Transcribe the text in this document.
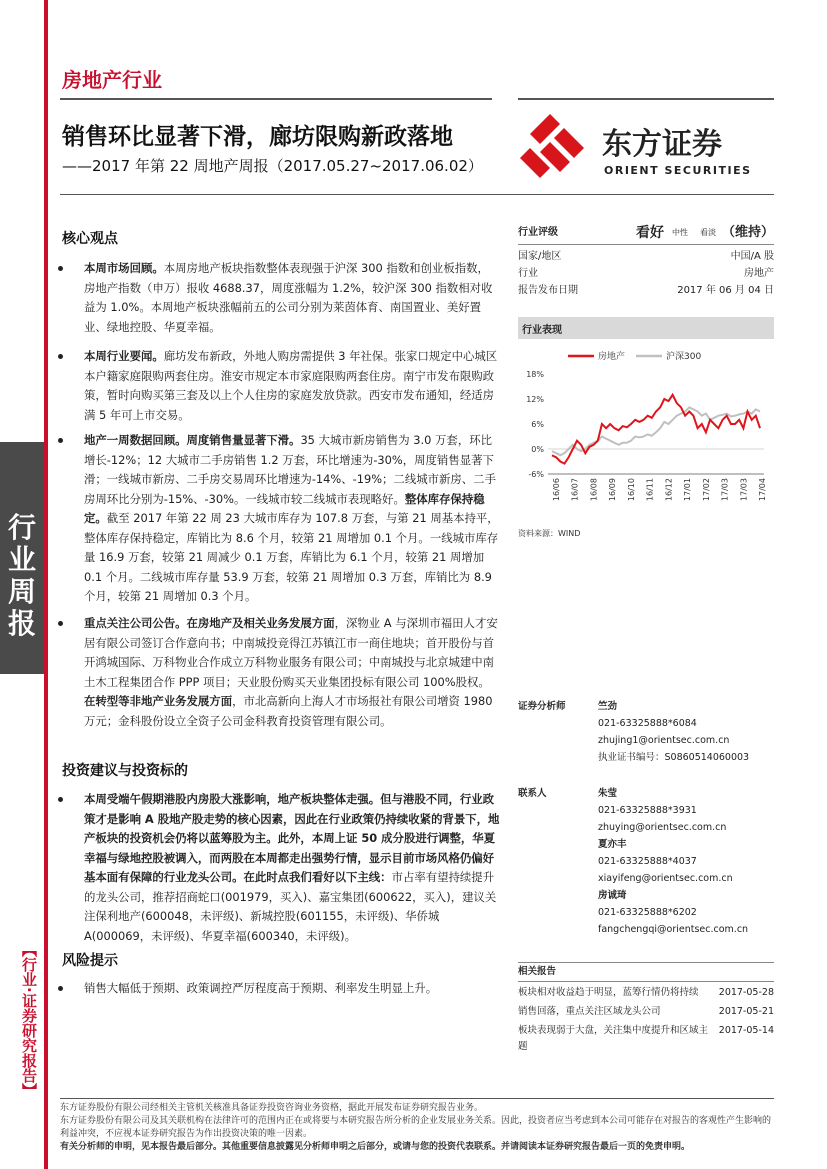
行业周报
【行业·证券研究报告】
房地产行业
销售环比显著下滑，廊坊限购新政落地
——2017 年第 22 周地产周报（2017.05.27~2017.06.02）
东方证券
ORIENT SECURITIES
核心观点
本周市场回顾。本周房地产板块指数整体表现强于沪深 300 指数和创业板指数，房地产指数（申万）报收 4688.37，周度涨幅为 1.2%，较沪深 300 指数相对收益为 1.0%。本周地产板块涨幅前五的公司分别为莱茵体育、南国置业、美好置业、绿地控股、华夏幸福。
本周行业要闻。廊坊发布新政，外地人购房需提供 3 年社保。张家口规定中心城区本户籍家庭限购两套住房。淮安市规定本市家庭限购两套住房。南宁市发布限购政策，暂时向购买第三套及以上个人住房的家庭发放贷款。西安市发布通知，经适房满 5 年可上市交易。
地产一周数据回顾。周度销售量显著下滑。35 大城市新房销售为 3.0 万套，环比增长-12%；12 大城市二手房销售 1.2 万套，环比增速为-30%，周度销售显著下滑；一线城市新房、二手房交易周环比增速为-14%、-19%；二线城市新房、二手房周环比分别为-15%、-30%。一线城市较二线城市表现略好。整体库存保持稳定。截至 2017 年第 22 周 23 大城市库存为 107.8 万套，与第 21 周基本持平，整体库存保持稳定，库销比为 8.6 个月，较第 21 周增加 0.1 个月。一线城市库存量 16.9 万套，较第 21 周减少 0.1 万套，库销比为 6.1 个月，较第 21 周增加 0.1 个月。二线城市库存量 53.9 万套，较第 21 周增加 0.3 万套，库销比为 8.9 个月，较第 21 周增加 0.3 个月。
重点关注公司公告。在房地产及相关业务发展方面，深物业 A 与深圳市福田人才安居有限公司签订合作意向书；中南城投竞得江苏镇江市一商住地块；首开股份与首开鸿城国际、万科物业合作成立万科物业服务有限公司；中南城投与北京城建中南土木工程集团合作 PPP 项目；天业股份购买天业集团投标有限公司 100%股权。在转型等非地产业务发展方面，市北高新向上海人才市场报社有限公司增资 1980 万元；金科股份设立全资子公司金科教育投资管理有限公司。
投资建议与投资标的
本周受端午假期港股内房股大涨影响，地产板块整体走强。但与港股不同，行业政策才是影响 A 股地产股走势的核心因素，因此在行业政策仍持续收紧的背景下，地产板块的投资机会仍将以蓝筹股为主。此外，本周上证 50 成分股进行调整，华夏幸福与绿地控股被调入，而两股在本周都走出强势行情，显示目前市场风格仍偏好基本面有保障的行业龙头公司。在此时点我们看好以下主线：市占率有望持续提升的龙头公司，推荐招商蛇口(001979，买入)、嘉宝集团(600622，买入)，建议关注保利地产(600048，未评级)、新城控股(601155，未评级)、华侨城 A(000069，未评级)、华夏幸福(600340，未评级)。
风险提示
销售大幅低于预期、政策调控严厉程度高于预期、利率发生明显上升。
行业评级	看好 中性 看淡 （维持）
国家/地区	中国/A 股
行业	房地产
报告发布日期	2017 年 06 月 04 日
行业表现
房地产	沪深300
18%
12%
6%
0%
-6%
16/06 16/07 16/08 16/09 16/10 16/11 16/12 17/01 17/02 17/03 17/03 17/04
资料来源：WIND
证券分析师	竺劲
021-63325888*6084
zhujing1@orientsec.com.cn
执业证书编号：S0860514060003
联系人	朱莹
021-63325888*3931
zhuying@orientsec.com.cn
夏亦丰
021-63325888*4037
xiayifeng@orientsec.com.cn
房诚琦
021-63325888*6202
fangchengqi@orientsec.com.cn
相关报告
板块相对收益趋于明显，蓝筹行情仍将持续	2017-05-28
销售回落，重点关注区域龙头公司	2017-05-21
板块表现弱于大盘，关注集中度提升和区域主题
2017-05-14
东方证券股份有限公司经相关主管机关核准具备证券投资咨询业务资格，据此开展发布证券研究报告业务。
东方证券股份有限公司及其关联机构在法律许可的范围内正在或将要与本研究报告所分析的企业发展业务关系。因此，投资者应当考虑到本公司可能存在对报告的客观性产生影响的利益冲突，不应视本证券研究报告为作出投资决策的唯一因素。
有关分析师的申明，见本报告最后部分。其他重要信息披露见分析师申明之后部分，或请与您的投资代表联系。并请阅读本证券研究报告最后一页的免责申明。
